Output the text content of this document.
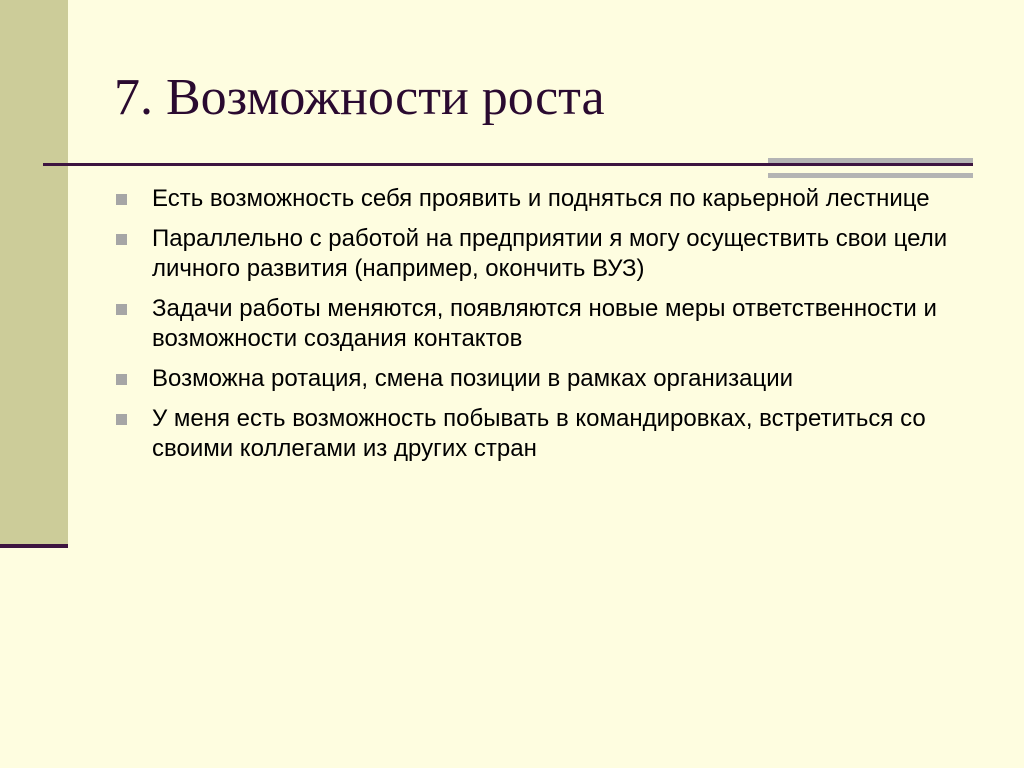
7. Возможности роста
Есть возможность себя проявить и подняться по карьерной лестнице
Параллельно с работой на предприятии я могу осуществить свои цели личного развития (например, окончить ВУЗ)
Задачи работы меняются, появляются новые меры ответственности и возможности создания контактов
Возможна ротация, смена позиции в рамках организации
У меня есть возможность побывать в командировках, встретиться со своими коллегами из других стран
